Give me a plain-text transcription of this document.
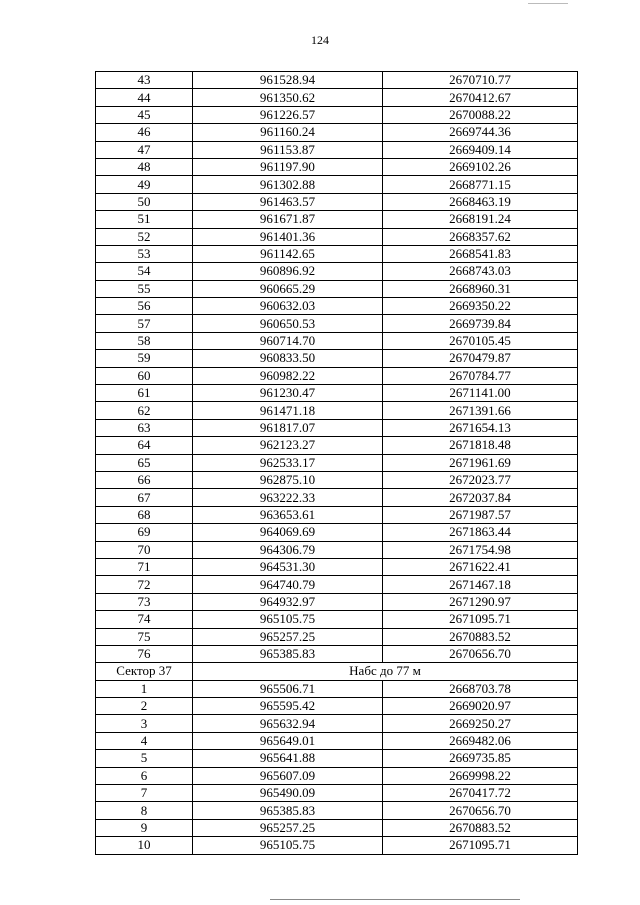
124
43	961528.94	2670710.77
44	961350.62	2670412.67
45	961226.57	2670088.22
46	961160.24	2669744.36
47	961153.87	2669409.14
48	961197.90	2669102.26
49	961302.88	2668771.15
50	961463.57	2668463.19
51	961671.87	2668191.24
52	961401.36	2668357.62
53	961142.65	2668541.83
54	960896.92	2668743.03
55	960665.29	2668960.31
56	960632.03	2669350.22
57	960650.53	2669739.84
58	960714.70	2670105.45
59	960833.50	2670479.87
60	960982.22	2670784.77
61	961230.47	2671141.00
62	961471.18	2671391.66
63	961817.07	2671654.13
64	962123.27	2671818.48
65	962533.17	2671961.69
66	962875.10	2672023.77
67	963222.33	2672037.84
68	963653.61	2671987.57
69	964069.69	2671863.44
70	964306.79	2671754.98
71	964531.30	2671622.41
72	964740.79	2671467.18
73	964932.97	2671290.97
74	965105.75	2671095.71
75	965257.25	2670883.52
76	965385.83	2670656.70
Сектор 37	Набс до 77 м	
1	965506.71	2668703.78
2	965595.42	2669020.97
3	965632.94	2669250.27
4	965649.01	2669482.06
5	965641.88	2669735.85
6	965607.09	2669998.22
7	965490.09	2670417.72
8	965385.83	2670656.70
9	965257.25	2670883.52
10	965105.75	2671095.71
